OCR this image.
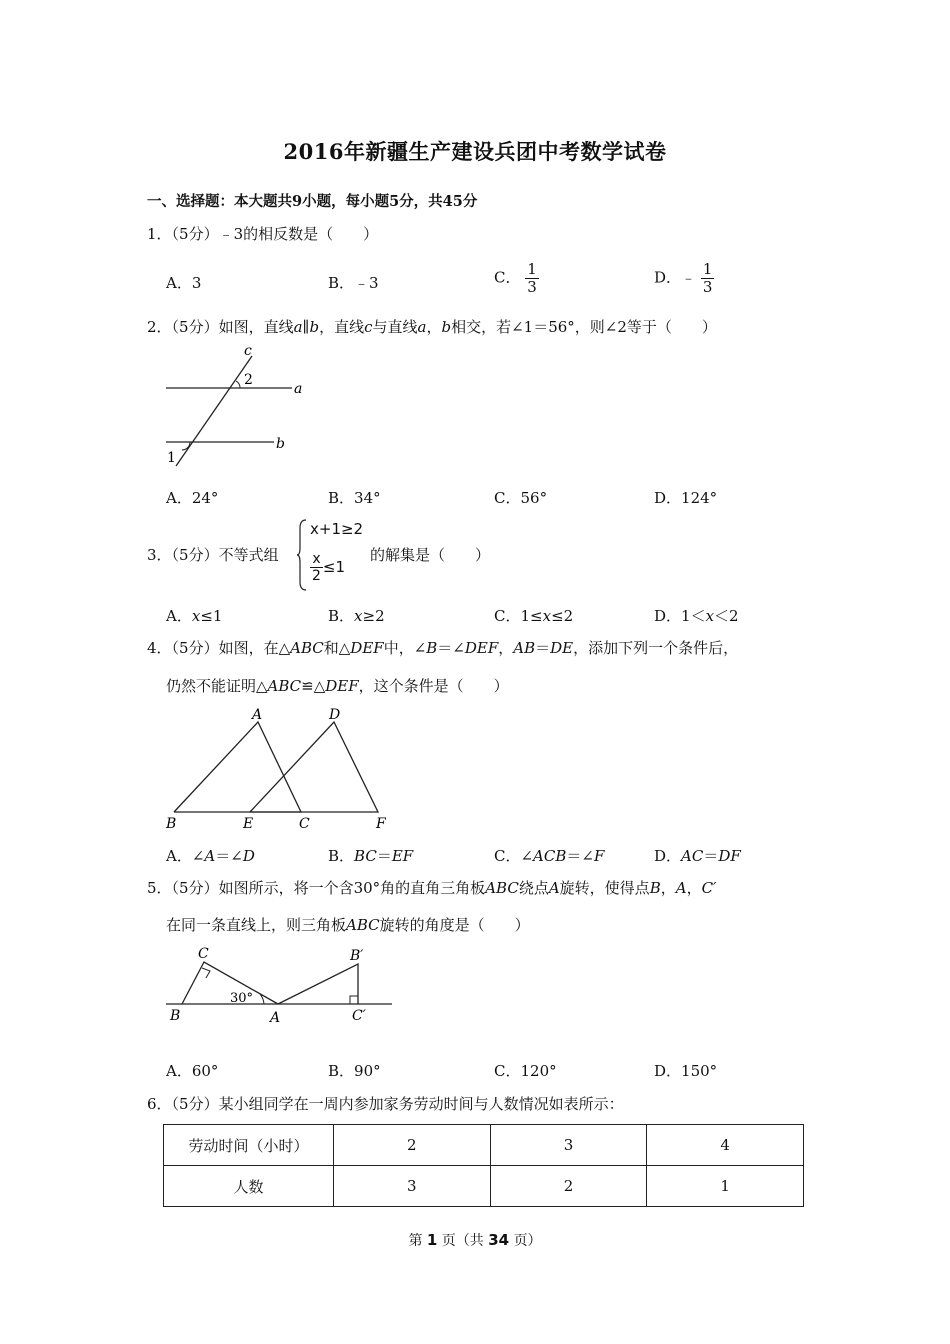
2016年新疆生产建设兵团中考数学试卷
一、选择题：本大题共9小题，每小题5分，共45分
1．（5分）﹣3的相反数是（　　）
A．3	B．﹣3	C． $\frac{1}{3}$	D．﹣ $\frac{1}{3}$
2．（5分）如图，直线a∥b，直线c与直线a，b相交，若∠1＝56°，则∠2等于（　　）
c
2
a
b
1
A．24°	B．34°	C．56°	D．124°
3．（5分）不等式组
x+1≥2
$\frac{x}{2} \le 1$
的解集是（　　）
A．x≤1	B．x≥2	C．1≤x≤2	D．1＜x＜2
4．（5分）如图，在△ABC和△DEF中，∠B＝∠DEF，AB＝DE，添加下列一个条件后，
仍然不能证明△ABC≌△DEF，这个条件是（　　）
A	D
B	E	C	F
A．∠A＝∠D	B．BC＝EF	C．∠ACB＝∠F	D．AC＝DF
5．（5分）如图所示，将一个含30°角的直角三角板ABC绕点A旋转，使得点B，A，C′
在同一条直线上，则三角板ABC旋转的角度是（　　）
C	B′
30°
B	A	C′
A．60°	B．90°	C．120°	D．150°
6．（5分）某小组同学在一周内参加家务劳动时间与人数情况如表所示：
劳动时间（小时）	2	3	4
人数	3	2	1
第 1 页（共 34 页）
